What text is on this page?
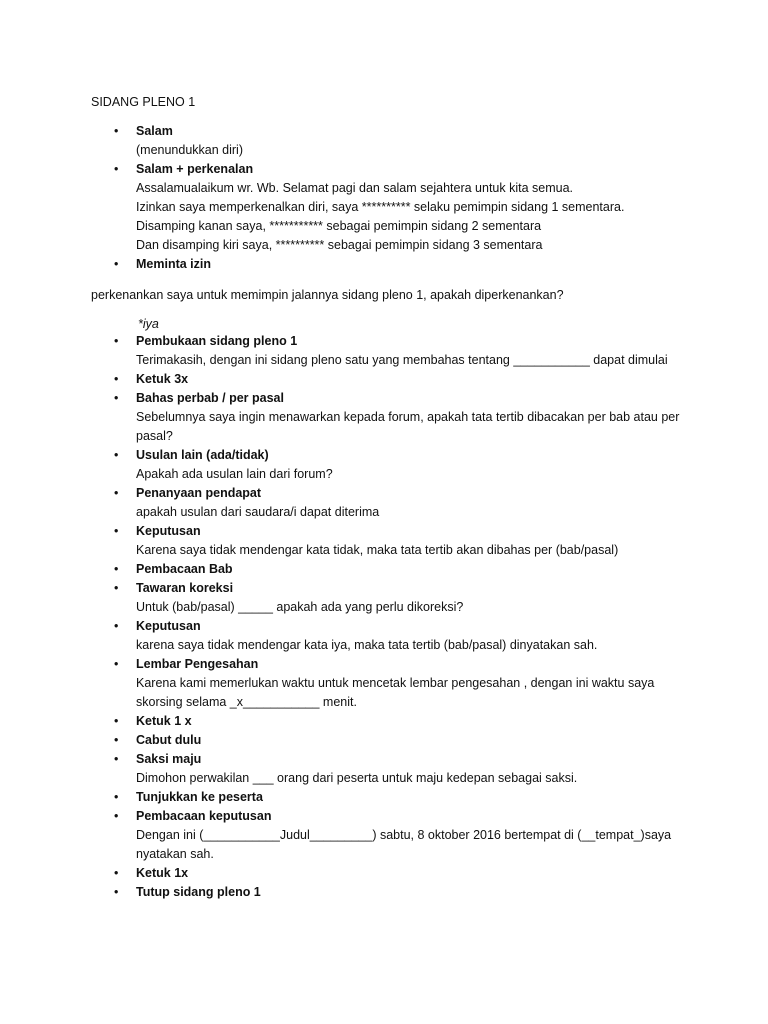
SIDANG PLENO 1
•	Salam
(menundukkan diri)
•	Salam + perkenalan
Assalamualaikum wr. Wb. Selamat pagi dan salam sejahtera untuk kita semua.
Izinkan saya memperkenalkan diri, saya ********** selaku pemimpin sidang 1 sementara.
Disamping kanan saya, *********** sebagai pemimpin sidang 2 sementara
Dan disamping kiri saya, ********** sebagai pemimpin sidang 3 sementara
•	Meminta izin
perkenankan saya untuk memimpin jalannya sidang pleno 1, apakah diperkenankan?
*iya
•	Pembukaan sidang pleno 1
Terimakasih, dengan ini sidang pleno satu yang membahas tentang ___________ dapat dimulai
•	Ketuk 3x
•	Bahas perbab / per pasal
Sebelumnya saya ingin menawarkan kepada forum, apakah tata tertib dibacakan per bab atau per
pasal?
•	Usulan lain (ada/tidak)
Apakah ada usulan lain dari forum?
•	Penanyaan pendapat
apakah usulan dari saudara/i dapat diterima
•	Keputusan
Karena saya tidak mendengar kata tidak, maka tata tertib akan dibahas per (bab/pasal)
•	Pembacaan Bab
•	Tawaran koreksi
Untuk (bab/pasal) _____ apakah ada yang perlu dikoreksi?
•	Keputusan
karena saya tidak mendengar kata iya, maka tata tertib (bab/pasal) dinyatakan sah.
•	Lembar Pengesahan
Karena kami memerlukan waktu untuk mencetak lembar pengesahan , dengan ini waktu saya
skorsing selama _x___________ menit.
•	Ketuk 1 x
•	Cabut dulu
•	Saksi maju
Dimohon perwakilan ___ orang dari peserta untuk maju kedepan sebagai saksi.
•	Tunjukkan ke peserta
•	Pembacaan keputusan
Dengan ini (___________Judul_________) sabtu, 8 oktober 2016 bertempat di (__tempat_)saya
nyatakan sah.
•	Ketuk 1x
•	Tutup sidang pleno 1
